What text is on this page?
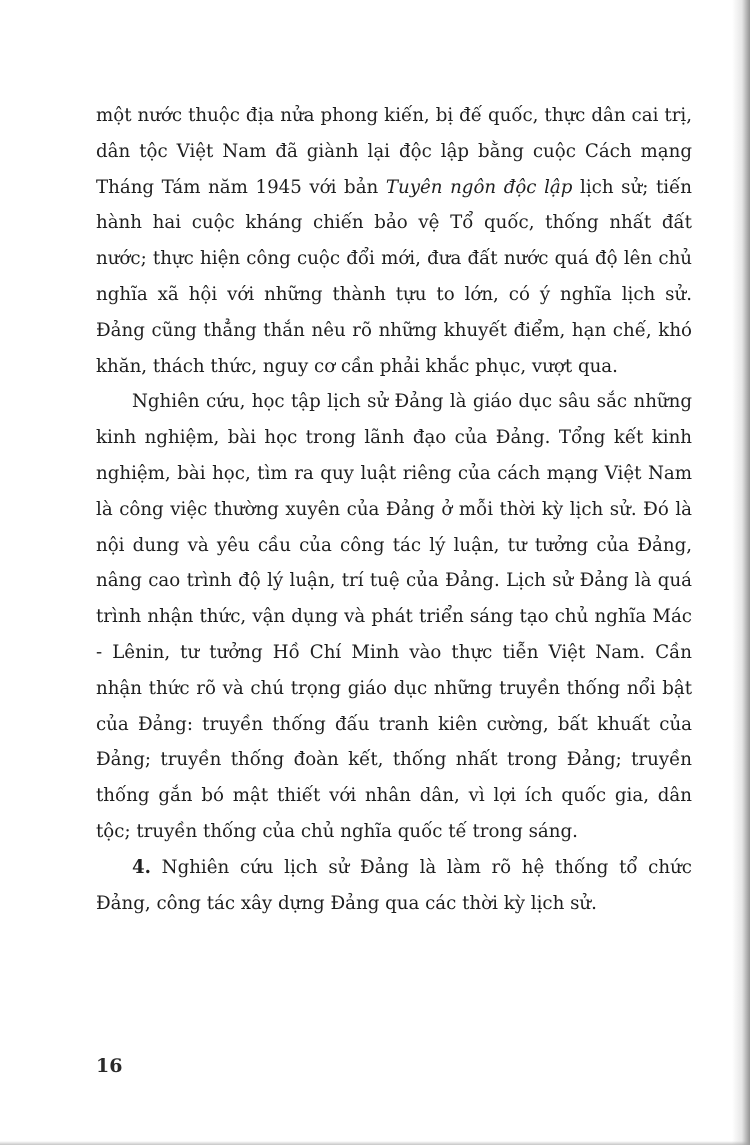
một nước thuộc địa nửa phong kiến, bị đế quốc, thực dân cai trị, dân tộc Việt Nam đã giành lại độc lập bằng cuộc Cách mạng Tháng Tám năm 1945 với bản Tuyên ngôn độc lập lịch sử; tiến hành hai cuộc kháng chiến bảo vệ Tổ quốc, thống nhất đất nước; thực hiện công cuộc đổi mới, đưa đất nước quá độ lên chủ nghĩa xã hội với những thành tựu to lớn, có ý nghĩa lịch sử. Đảng cũng thẳng thắn nêu rõ những khuyết điểm, hạn chế, khó khăn, thách thức, nguy cơ cần phải khắc phục, vượt qua.

Nghiên cứu, học tập lịch sử Đảng là giáo dục sâu sắc những kinh nghiệm, bài học trong lãnh đạo của Đảng. Tổng kết kinh nghiệm, bài học, tìm ra quy luật riêng của cách mạng Việt Nam là công việc thường xuyên của Đảng ở mỗi thời kỳ lịch sử. Đó là nội dung và yêu cầu của công tác lý luận, tư tưởng của Đảng, nâng cao trình độ lý luận, trí tuệ của Đảng. Lịch sử Đảng là quá trình nhận thức, vận dụng và phát triển sáng tạo chủ nghĩa Mác - Lênin, tư tưởng Hồ Chí Minh vào thực tiễn Việt Nam. Cần nhận thức rõ và chú trọng giáo dục những truyền thống nổi bật của Đảng: truyền thống đấu tranh kiên cường, bất khuất của Đảng; truyền thống đoàn kết, thống nhất trong Đảng; truyền thống gắn bó mật thiết với nhân dân, vì lợi ích quốc gia, dân tộc; truyền thống của chủ nghĩa quốc tế trong sáng.

4. Nghiên cứu lịch sử Đảng là làm rõ hệ thống tổ chức Đảng, công tác xây dựng Đảng qua các thời kỳ lịch sử.

16
